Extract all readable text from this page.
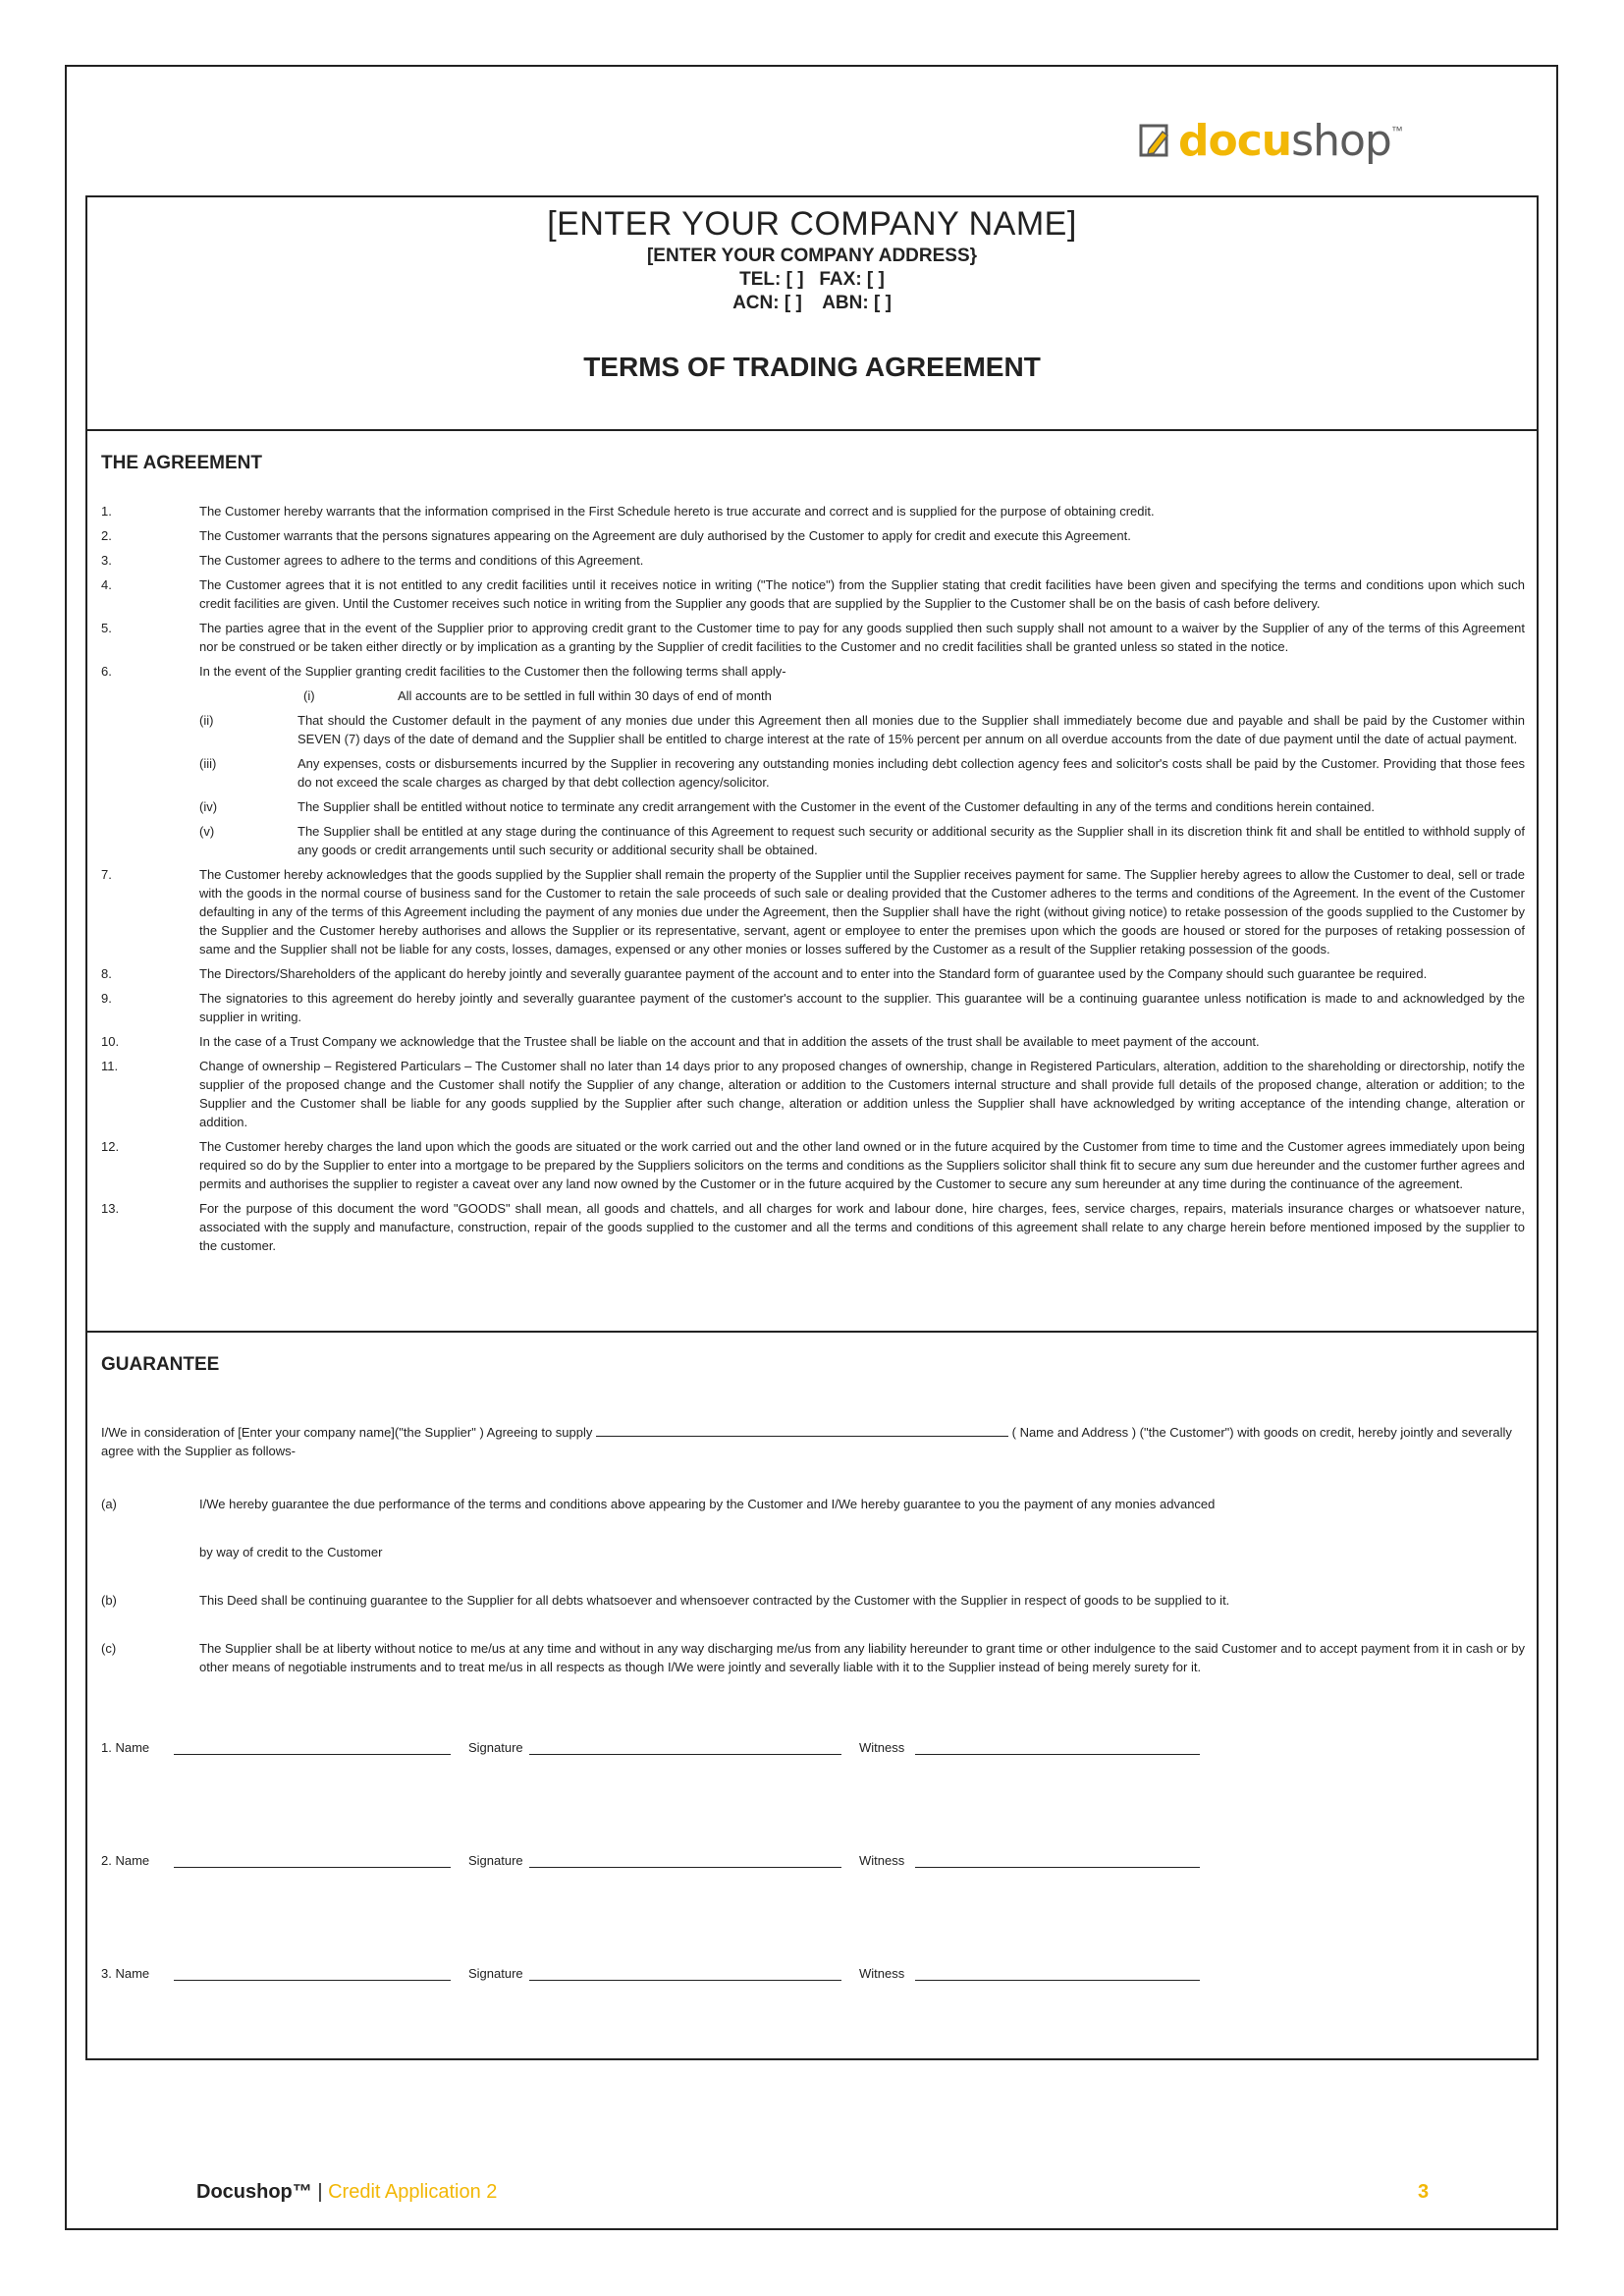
docushop ™
[ENTER YOUR COMPANY NAME]
[ENTER YOUR COMPANY ADDRESS}
TEL: [ ]   FAX: [ ]
ACN: [ ]    ABN: [ ]
TERMS OF TRADING AGREEMENT
THE AGREEMENT
1.	The Customer hereby warrants that the information comprised in the First Schedule hereto is true accurate and correct and is supplied for the purpose of obtaining credit.
2.	The Customer warrants that the persons signatures appearing on the Agreement are duly authorised by the Customer to apply for credit and execute this Agreement.
3.	The Customer agrees to adhere to the terms and conditions of this Agreement.
4.	The Customer agrees that it is not entitled to any credit facilities until it receives notice in writing ("The notice") from the Supplier stating that credit facilities have been given and specifying the terms and conditions upon which such credit facilities are given. Until the Customer receives such notice in writing from the Supplier any goods that are supplied by the Supplier to the Customer shall be on the basis of cash before delivery.
5.	The parties agree that in the event of the Supplier prior to approving credit grant to the Customer time to pay for any goods supplied then such supply shall not amount to a waiver by the Supplier of any of the terms of this Agreement nor be construed or be taken either directly or by implication as a granting by the Supplier of credit facilities to the Customer and no credit facilities shall be granted unless so stated in the notice.
6.	In the event of the Supplier granting credit facilities to the Customer then the following terms shall apply-
(i)	All accounts are to be settled in full within 30 days of end of month
(ii)	That should the Customer default in the payment of any monies due under this Agreement then all monies due to the Supplier shall immediately become due and payable and shall be paid by the Customer within SEVEN (7) days of the date of demand and the Supplier shall be entitled to charge interest at the rate of 15% percent per annum on all overdue accounts from the date of due payment until the date of actual payment.
(iii)	Any expenses, costs or disbursements incurred by the Supplier in recovering any outstanding monies including debt collection agency fees and solicitor's costs shall be paid by the Customer. Providing that those fees do not exceed the scale charges as charged by that debt collection agency/solicitor.
(iv)	The Supplier shall be entitled without notice to terminate any credit arrangement with the Customer in the event of the Customer defaulting in any of the terms and conditions herein contained.
(v)	The Supplier shall be entitled at any stage during the continuance of this Agreement to request such security or additional security as the Supplier shall in its discretion think fit and shall be entitled to withhold supply of any goods or credit arrangements until such security or additional security shall be obtained.
7.	The Customer hereby acknowledges that the goods supplied by the Supplier shall remain the property of the Supplier until the Supplier receives payment for same. The Supplier hereby agrees to allow the Customer to deal, sell or trade with the goods in the normal course of business sand for the Customer to retain the sale proceeds of such sale or dealing provided that the Customer adheres to the terms and conditions of the Agreement. In the event of the Customer defaulting in any of the terms of this Agreement including the payment of any monies due under the Agreement, then the Supplier shall have the right (without giving notice) to retake possession of the goods supplied to the Customer by the Supplier and the Customer hereby authorises and allows the Supplier or its representative, servant, agent or employee to enter the premises upon which the goods are housed or stored for the purposes of retaking possession of same and the Supplier shall not be liable for any costs, losses, damages, expensed or any other monies or losses suffered by the Customer as a result of the Supplier retaking possession of the goods.
8.	The Directors/Shareholders of the applicant do hereby jointly and severally guarantee payment of the account and to enter into the Standard form of guarantee used by the Company should such guarantee be required.
9.	The signatories to this agreement do hereby jointly and severally guarantee payment of the customer's account to the supplier. This guarantee will be a continuing guarantee unless notification is made to and acknowledged by the supplier in writing.
10.	In the case of a Trust Company we acknowledge that the Trustee shall be liable on the account and that in addition the assets of the trust shall be available to meet payment of the account.
11.	Change of ownership – Registered Particulars – The Customer shall no later than 14 days prior to any proposed changes of ownership, change in Registered Particulars, alteration, addition to the shareholding or directorship, notify the supplier of the proposed change and the Customer shall notify the Supplier of any change, alteration or addition to the Customers internal structure and shall provide full details of the proposed change, alteration or addition; to the Supplier and the Customer shall be liable for any goods supplied by the Supplier after such change, alteration or addition unless the Supplier shall have acknowledged by writing acceptance of the intending change, alteration or addition.
12.	The Customer hereby charges the land upon which the goods are situated or the work carried out and the other land owned or in the future acquired by the Customer from time to time and the Customer agrees immediately upon being required so do by the Supplier to enter into a mortgage to be prepared by the Suppliers solicitors on the terms and conditions as the Suppliers solicitor shall think fit to secure any sum due hereunder and the customer further agrees and permits and authorises the supplier to register a caveat over any land now owned by the Customer or in the future acquired by the Customer to secure any sum hereunder at any time during the continuance of the agreement.
13.	For the purpose of this document the word "GOODS" shall mean, all goods and chattels, and all charges for work and labour done, hire charges, fees, service charges, repairs, materials insurance charges or whatsoever nature, associated with the supply and manufacture, construction, repair of the goods supplied to the customer and all the terms and conditions of this agreement shall relate to any charge herein before mentioned imposed by the supplier to the customer.
GUARANTEE
I/We in consideration of [Enter your company name]("the Supplier" ) Agreeing to supply	( Name and Address ) ("the Customer") with goods on credit, hereby jointly and severally agree with the Supplier as follows-
(a)	I/We hereby guarantee the due performance of the terms and conditions above appearing by the Customer and I/We hereby guarantee to you the payment of any monies advanced
by way of credit to the Customer
(b)	This Deed shall be continuing guarantee to the Supplier for all debts whatsoever and whensoever contracted by the Customer with the Supplier in respect of goods to be supplied to it.
(c)	The Supplier shall be at liberty without notice to me/us at any time and without in any way discharging me/us from any liability hereunder to grant time or other indulgence to the said Customer and to accept payment from it in cash or by other means of negotiable instruments and to treat me/us in all respects as though I/We were jointly and severally liable with it to the Supplier instead of being merely surety for it.
1. Name	Signature	Witness
2. Name	Signature	Witness
3. Name	Signature	Witness
Docushop™ | Credit Application 2	3
